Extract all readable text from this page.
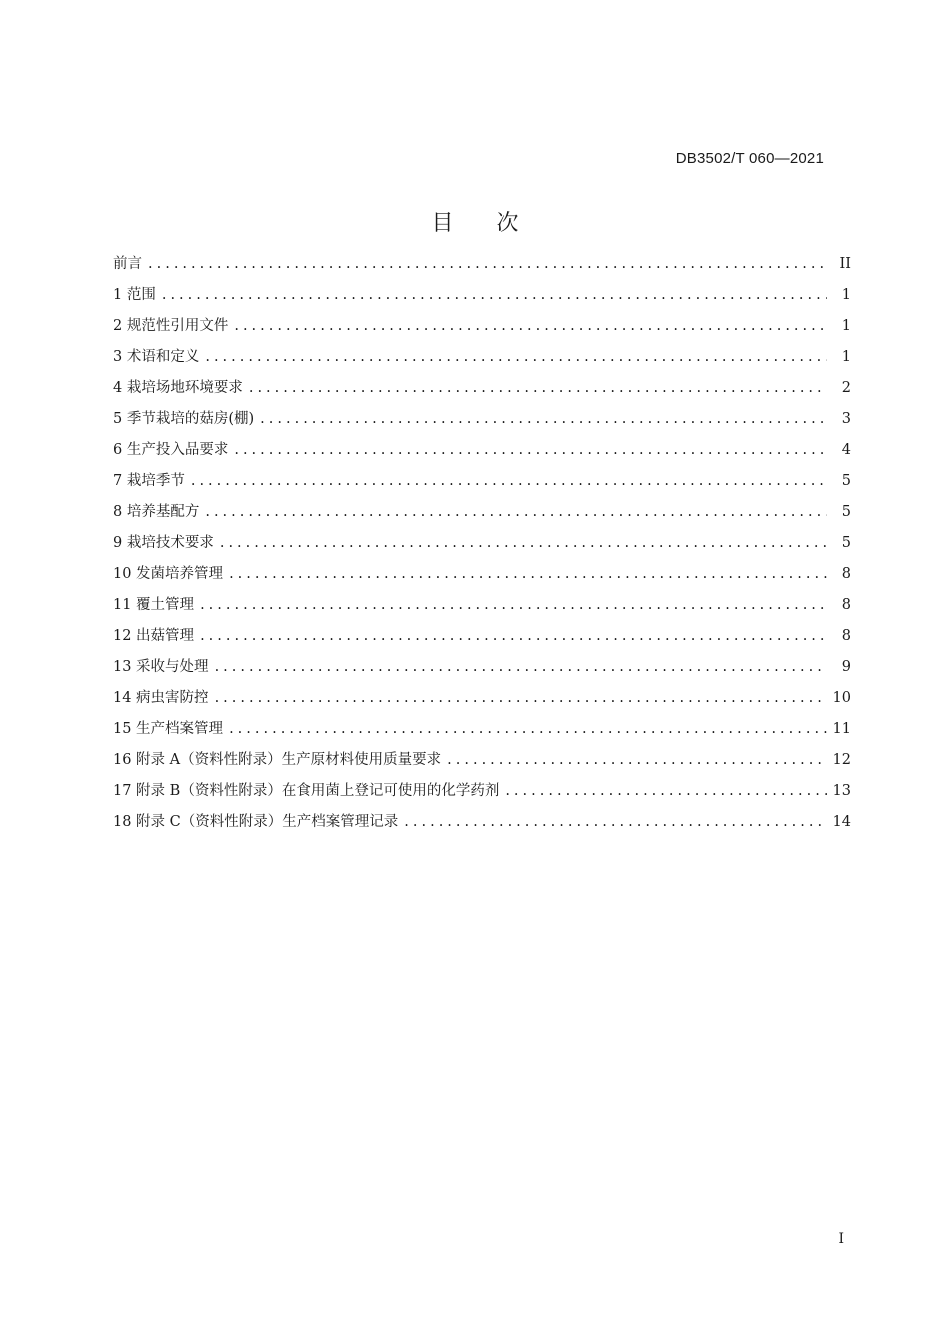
DB3502/T 060—2021
目 次
前言 .....	II
1 范围 .....	1
2 规范性引用文件 .....	1
3 术语和定义 .....	1
4 栽培场地环境要求 .....	2
5 季节栽培的菇房(棚) .....	3
6 生产投入品要求 .....	4
7 栽培季节 .....	5
8 培养基配方 .....	5
9 栽培技术要求 .....	5
10 发菌培养管理 .....	8
11 覆土管理 .....	8
12 出菇管理 .....	8
13 采收与处理 .....	9
14 病虫害防控 .....	10
15 生产档案管理 .....	11
16 附录 A（资料性附录）生产原材料使用质量要求 .....	12
17 附录 B（资料性附录）在食用菌上登记可使用的化学药剂 .....	13
18 附录 C（资料性附录）生产档案管理记录 .....	14
I
